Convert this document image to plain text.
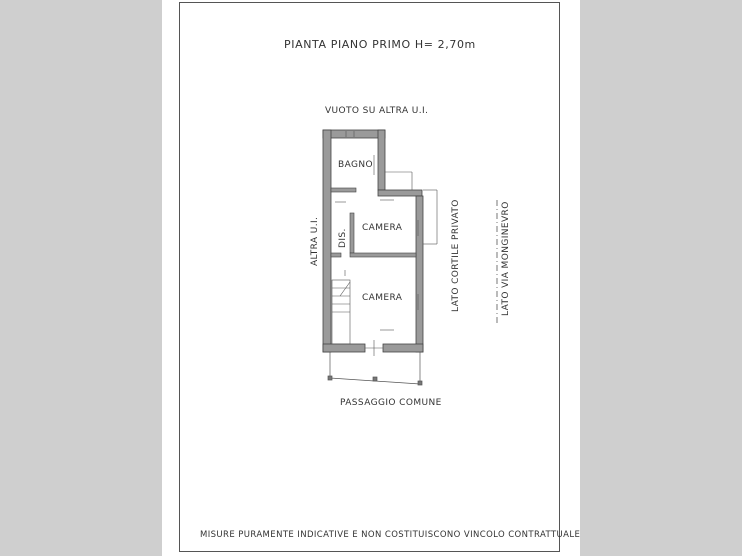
PIANTA PIANO PRIMO H= 2,70m
VUOTO SU ALTRA U.I.
BAGNO
CAMERA
DIS.
CAMERA
ALTRA U.I.	LATO CORTILE PRIVATO	LATO VIA MONGINEVRO
PASSAGGIO COMUNE
MISURE PURAMENTE INDICATIVE E NON COSTITUISCONO VINCOLO CONTRATTUALE
